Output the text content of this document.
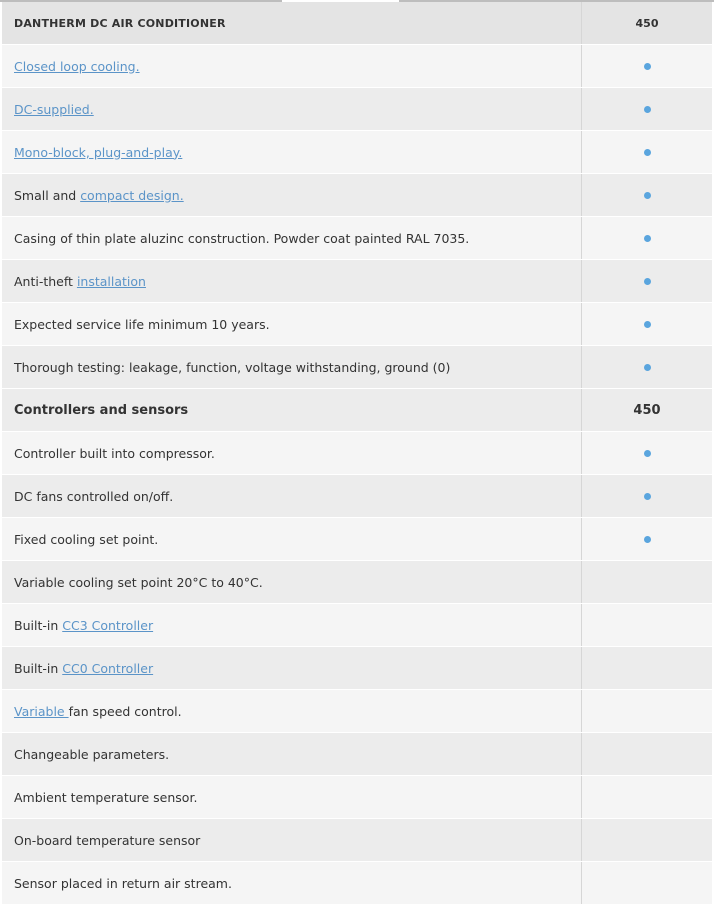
DANTHERM DC AIR CONDITIONER	450
Closed loop cooling.
DC-supplied.
Mono-block, plug-and-play.
Small and compact design.
Casing of thin plate aluzinc construction. Powder coat painted RAL 7035.
Anti-theft installation
Expected service life minimum 10 years.
Thorough testing: leakage, function, voltage withstanding, ground (0)
Controllers and sensors	450
Controller built into compressor.
DC fans controlled on/off.
Fixed cooling set point.
Variable cooling set point 20°C to 40°C.
Built-in CC3 Controller
Built-in CC0 Controller
Variable fan speed control.
Changeable parameters.
Ambient temperature sensor.
On-board temperature sensor
Sensor placed in return air stream.
